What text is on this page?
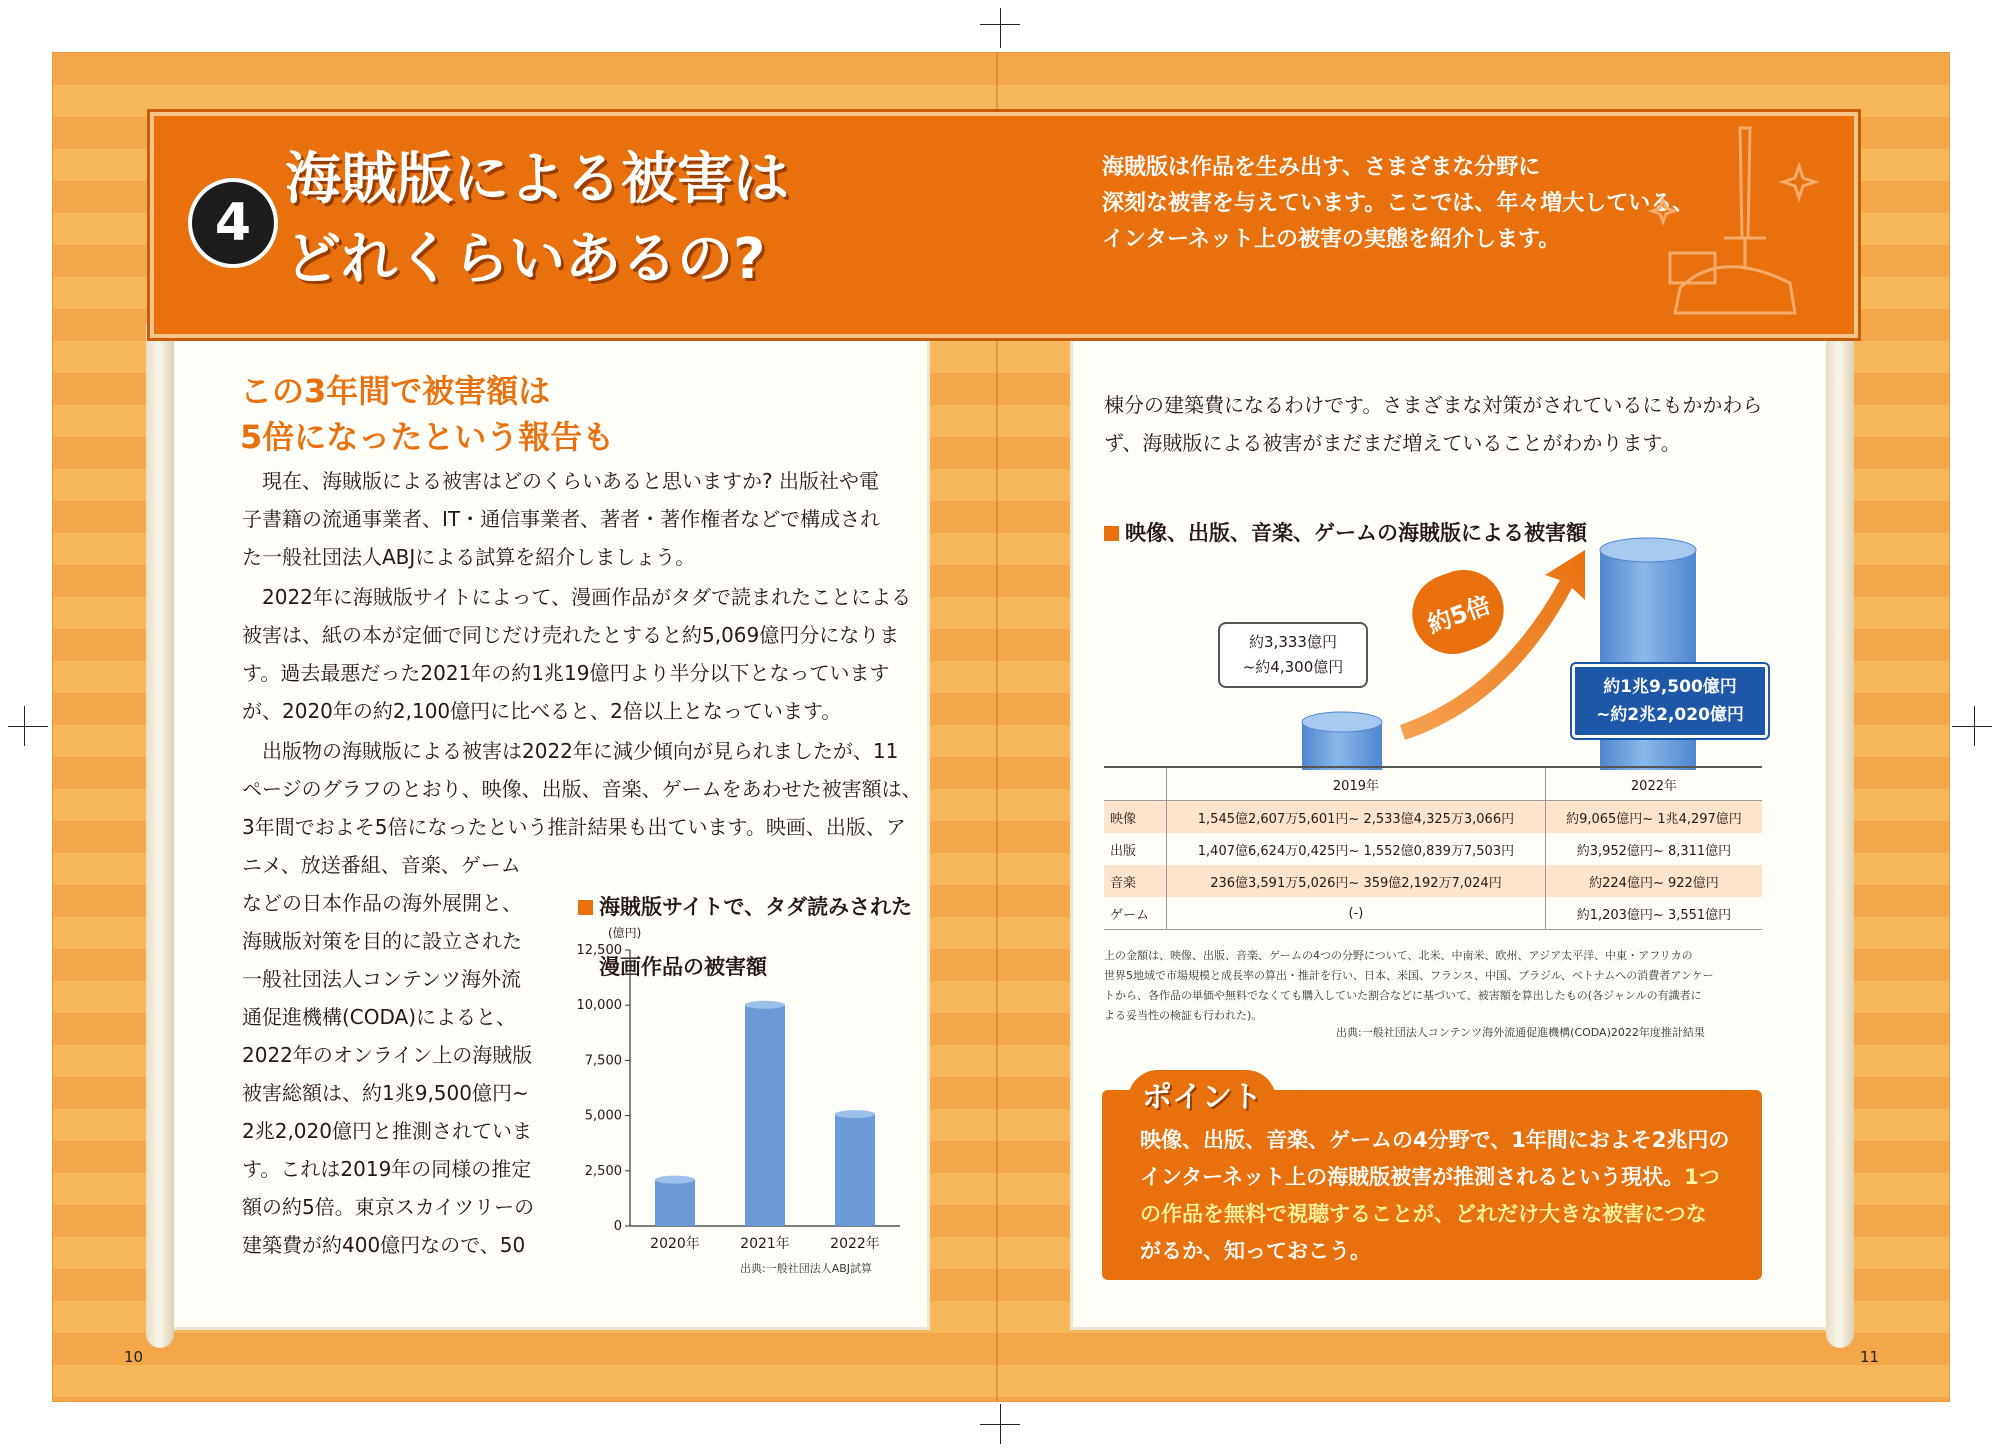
4
海賊版による被害は
どれくらいあるの?
海賊版は作品を生み出す、さまざまな分野に
深刻な被害を与えています。ここでは、年々増大している、
インターネット上の被害の実態を紹介します。
この3年間で被害額は
5倍になったという報告も
　現在、海賊版による被害はどのくらいあると思いますか? 出版社や電
子書籍の流通事業者、IT・通信事業者、著者・著作権者などで構成され
た一般社団法人ABJによる試算を紹介しましょう。
　2022年に海賊版サイトによって、漫画作品がタダで読まれたことによる
被害は、紙の本が定価で同じだけ売れたとすると約5,069億円分になりま
す。過去最悪だった2021年の約1兆19億円より半分以下となっています
が、2020年の約2,100億円に比べると、2倍以上となっています。
　出版物の海賊版による被害は2022年に減少傾向が見られましたが、11
ページのグラフのとおり、映像、出版、音楽、ゲームをあわせた被害額は、
3年間でおよそ5倍になったという推計結果も出ています。映画、出版、ア
ニメ、放送番組、音楽、ゲーム
などの日本作品の海外展開と、
海賊版対策を目的に設立された
一般社団法人コンテンツ海外流
通促進機構(CODA)によると、
2022年のオンライン上の海賊版
被害総額は、約1兆9,500億円~
2兆2,020億円と推測されていま
す。これは2019年の同様の推定
額の約5倍。東京スカイツリーの
建築費が約400億円なので、50

海賊版サイトで、タダ読みされた

漫画作品の被害額

(億円)
0
2,500
5,000
7,500
10,000
12,500
2020年	2021年	2022年
出典:一般社団法人ABJ試算
10
棟分の建築費になるわけです。さまざまな対策がされているにもかかわら
ず、海賊版による被害がまだまだ増えていることがわかります。

映像、出版、音楽、ゲームの海賊版による被害額

約5倍
約3,333億円
~約4,300億円
約1兆9,500億円
~約2兆2,020億円
	2019年	2022年
映像	1,545億2,607万5,601円~ 2,533億4,325万3,066円	約9,065億円~ 1兆4,297億円
出版	1,407億6,624万0,425円~ 1,552億0,839万7,503円	約3,952億円~ 8,311億円
音楽	236億3,591万5,026円~ 359億2,192万7,024円	約224億円~ 922億円
ゲーム	(-)	約1,203億円~ 3,551億円
上の金額は、映像、出版、音楽、ゲームの4つの分野について、北米、中南米、欧州、アジア太平洋、中東・アフリカの
世界5地域で市場規模と成長率の算出・推計を行い、日本、米国、フランス、中国、ブラジル、ベトナムへの消費者アンケー
トから、各作品の単価や無料でなくても購入していた割合などに基づいて、被害額を算出したもの(各ジャンルの有識者に
よる妥当性の検証も行われた)。
出典:一般社団法人コンテンツ海外流通促進機構(CODA)2022年度推計結果
ポイント
映像、出版、音楽、ゲームの4分野で、1年間におよそ2兆円の
インターネット上の海賊版被害が推測されるという現状。1つ
の作品を無料で視聴することが、どれだけ大きな被害につな
がるか、知っておこう。
11
